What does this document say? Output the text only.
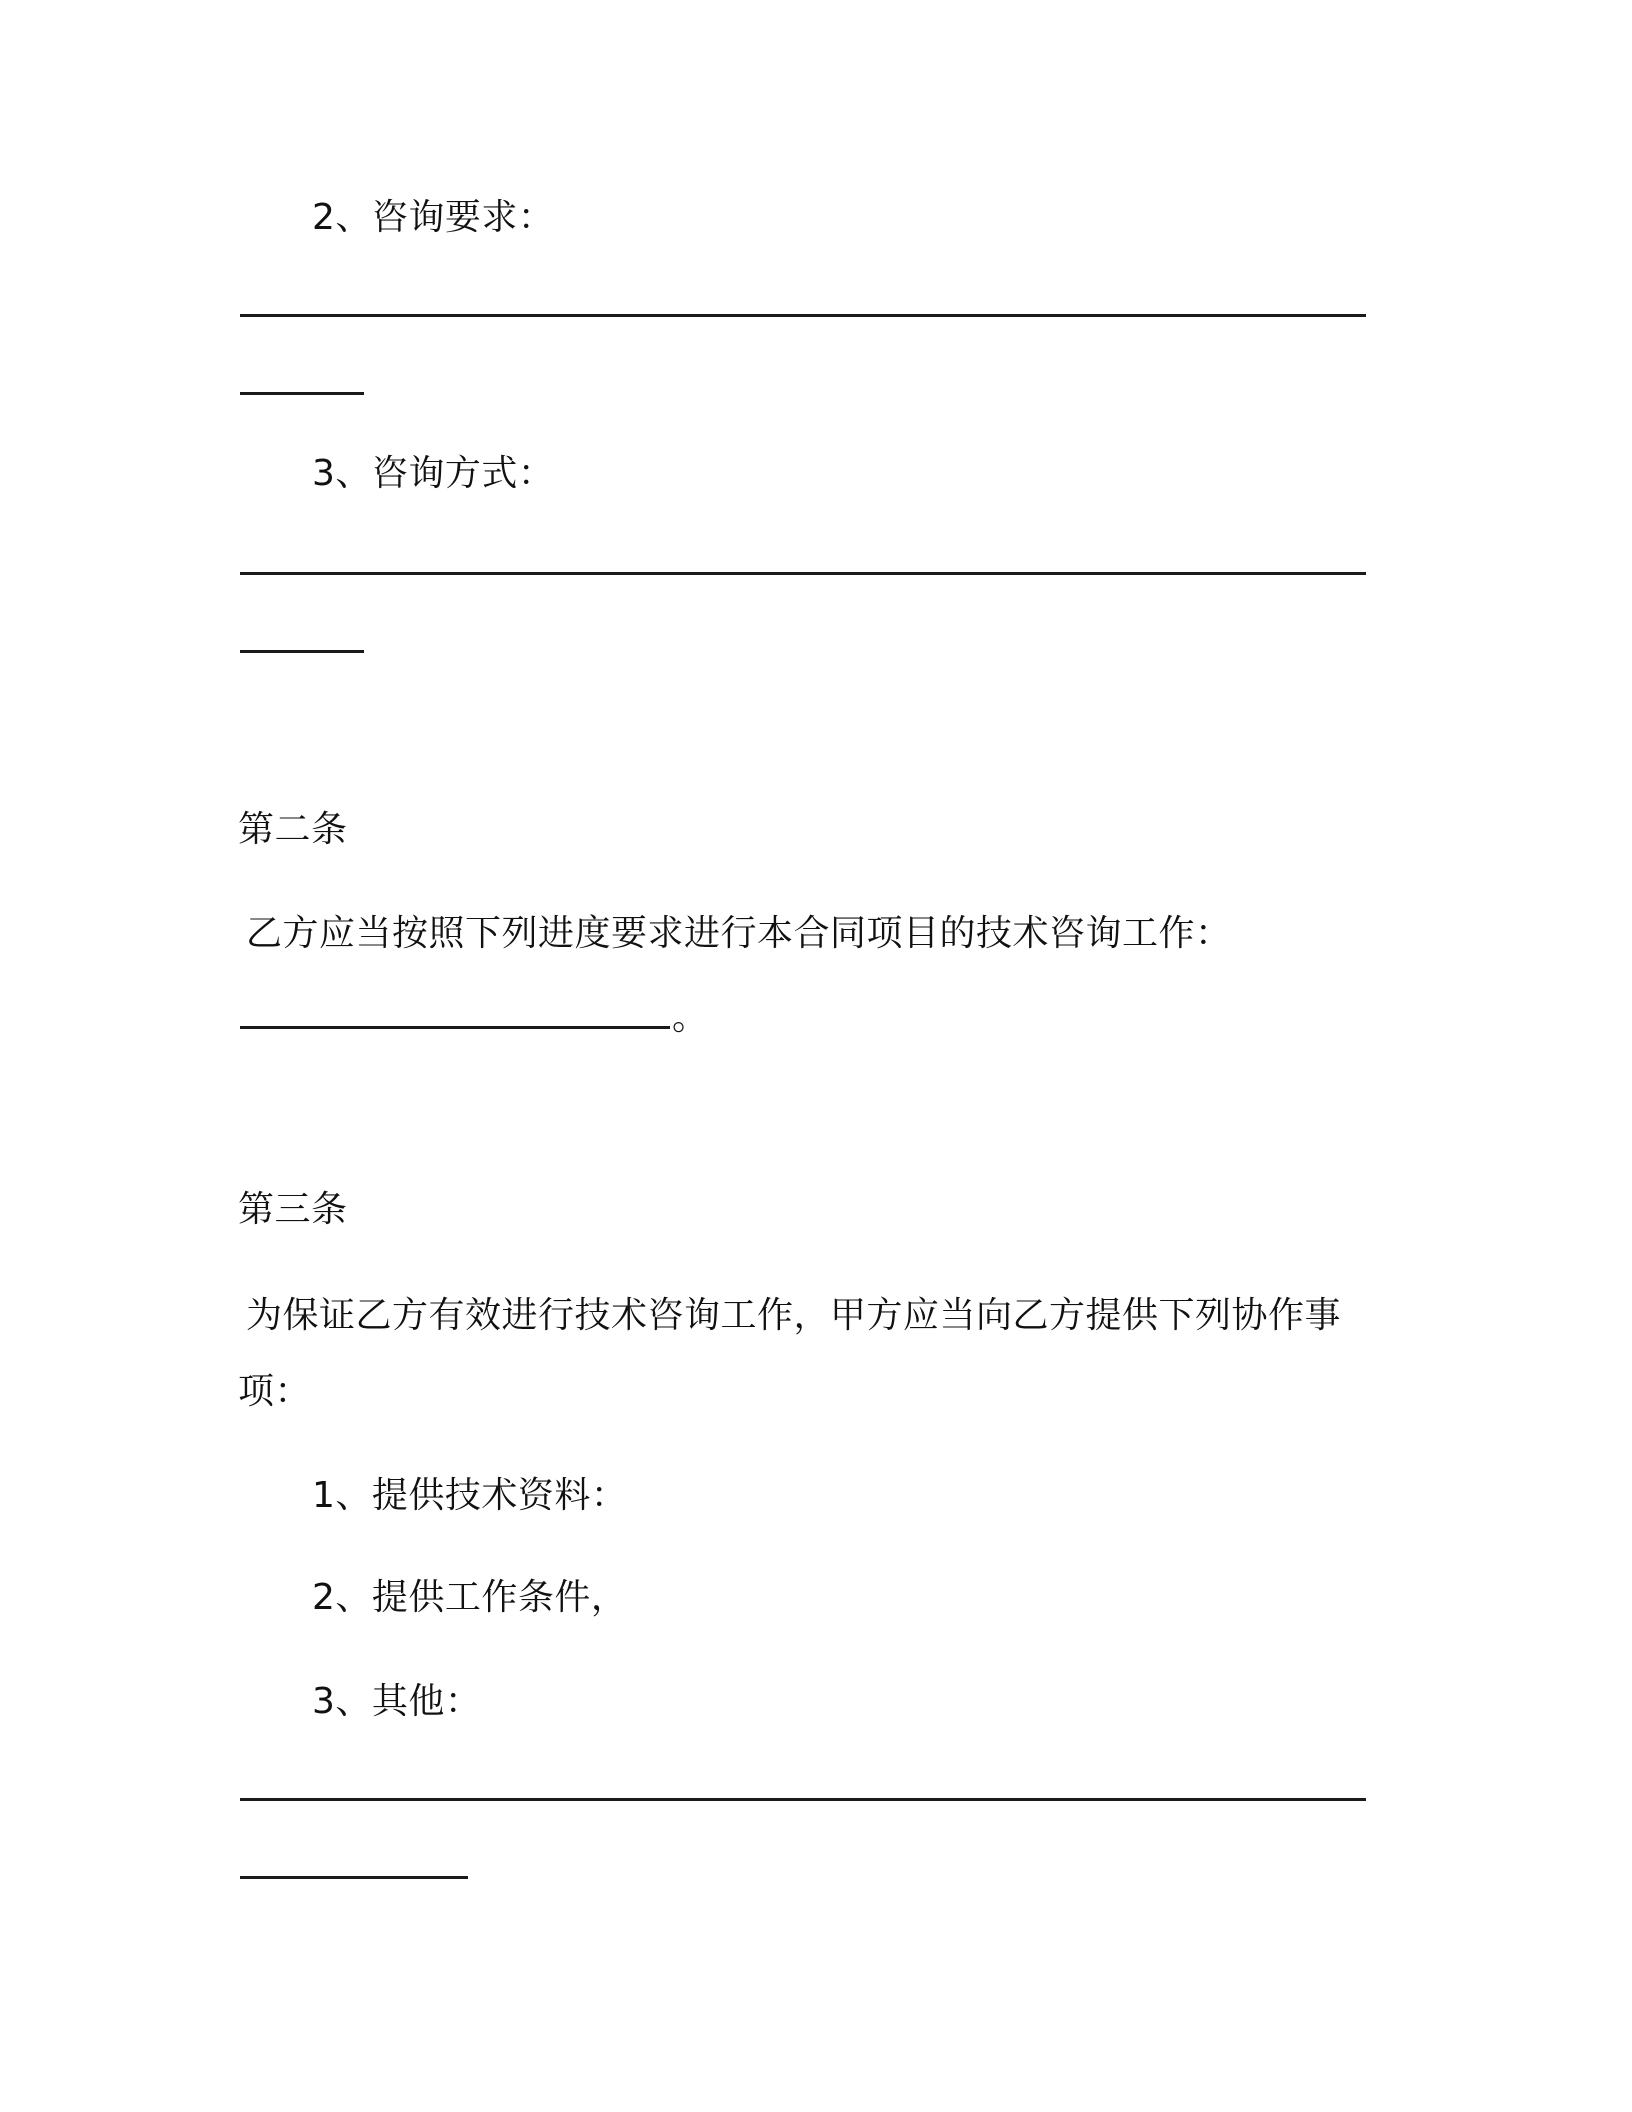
2、咨询要求：
3、咨询方式：
第二条
乙方应当按照下列进度要求进行本合同项目的技术咨询工作：
。
第三条
为保证乙方有效进行技术咨询工作，甲方应当向乙方提供下列协作事
项：
1、提供技术资料：
2、提供工作条件，
3、其他：
